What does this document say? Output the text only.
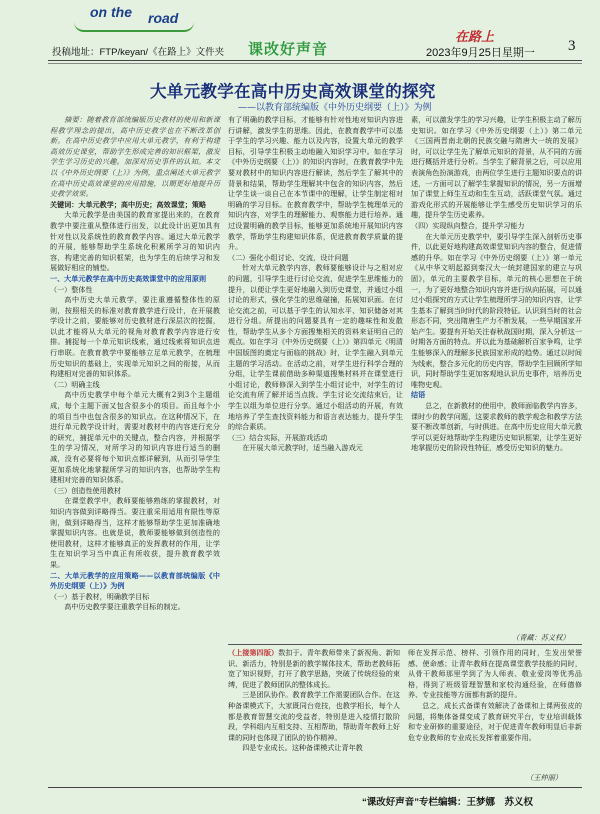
on the road
投稿地址：FTP/keyan/《在路上》文件夹 课改好声音
在路上
2023年9月25日星期一 3
大单元教学在高中历史高效课堂的探究
——以教育部统编版《中外历史纲要（上）》为例

摘要：随着教育部统编版历史教材的使用和新课程教学理念的提出，高中历史教学也在不断改革创新。在高中历史教学中应用大单元教学，有利于构建高效历史课堂，帮助学生形成完善的知识框架，激发学生学习历史的兴趣。加深对历史事件的认知。本文以《中外历史纲要（上）》为例，重点阐述大单元教学在高中历史高效课堂的应用措施，以期更好地提升历史教学效果。

关键词：大单元教学；高中历史；高效课堂；策略

大单元教学是由美国的教育家提出来的，在教育教学中要注重从整体进行出发，以此设计出更加具有针对性以及系统性的教育教学内容。通过大单元教学的开展，能够帮助学生系统化积累所学习的知识内容，构建完善的知识框架，也为学生的后续学习和发展做好相应的铺垫。

一、大单元教学在高中历史高效课堂中的应用原则

（一）整体性

高中历史大单元教学，要注重遵循整体性的原则，按照相关的标准对教育教学进行设计，在开展教学设计之前，要能够对历史教材进行深层次的挖掘，以此才能将从大单元的视角对教育教学内容进行安排。捕捉每一个单元知识线索，通过线索将知识点进行串联。在教育教学中要能够立足单元教学，在梳理历史知识的基础上，实现单元知识之间的衔接，从而构建相对完善的知识体系。

（二）明确主线

高中历史教学中每个单元大概有2到3个主题组成，每个主题下面又包含很多小的项目。而且每个小的项目当中也包含很多的知识点。在这种情况下，在进行单元教学设计时，需要对教材中的内容进行充分的研究，捕捉单元中的关键点，整合内容，并根据学生的学习情况，对所学习的知识内容进行适当的删减，没有必要将每个知识点都详解到，从而引导学生更加系统化地掌握所学习的知识内容，也帮助学生构建相对完善的知识体系。

（三）创造性使用教材

在课堂教学中，教师要能够熟练的掌握教材，对知识内容做到详略得当。要注重采用适用有限性等原则，做到详略得当，这样才能够帮助学生更加准确地掌握知识内容。也就是说，教师要能够做到创造性的使用教材，这样才能够真正的发挥教材的作用，让学生在知识学习当中真正有所收获，提升教育教学效果。

二、大单元教学的应用策略——以教育部统编版《中外历史纲要（上）》为例

（一）基于教材，明确教学目标

高中历史教学要注重教学目标的制定。

有了明确的教学目标，才能够有针对性地对知识内容进行讲解，激发学生的思维。因此，在教育教学中可以基于学生的学习兴趣、能力以及内容，设置大单元的教学目标，引导学生积极主动地融入知识学习中。如在学习《中外历史纲要（上）》的知识内容时，在教育教学中先要对教材中的知识内容进行解读，然后学生了解其中的背景和结果，帮助学生理解其中包含的知识内容，然后让学生谈一谈自己在本节课中的理解，让学生制定相对明确的学习目标。在教育教学中，帮助学生梳理单元的知识内容，对学生的理解能力、观察能力进行培养。通过设置明确的教学目标，能够更加系统地开展知识内容教学，帮助学生构建知识体系，促进教育教学质量的提升。

（二）强化小组讨论、交流，设计问题

针对大单元教学内容，教师要能够设计与之相对应的问题，引导学生进行讨论交流，促进学生思维能力的提升，以便让学生更好地融入到历史课堂，并通过小组讨论的形式，强化学生的思维碰撞，拓展知识面。在讨论交流之前，可以基于学生的认知水平、知识储备对其进行分组。所提出的问题要具有一定的趣味性和发散性，帮助学生从多个方面搜集相关的资料来证明自己的观点。如在学习《中外历史纲要（上）》第四单元《明清中国版图的奠定与面临的挑战》时，让学生融入到单元主题的学习活动。在活动之前，对学生进行科学合理的分组，让学生课前借助多种渠道搜集材料并在课堂进行小组讨论，教师修深入到学生小组讨论中，对学生的讨论交流有所了解并适当点拨。学生讨论交流结束后，让学生以组为单位进行分享。通过小组活动的开展，有效地培养了学生查找资料能力和语言表达能力，提升学生的综合素质。

（三）结合实际，开展游戏活动

在开展大单元教学时，适当融入游戏元

素，可以激发学生的学习兴趣，让学生积极主动了解历史知识。如在学习《中外历史纲要（上）》第二单元《三国两晋南北朝的民族交融与隋唐大一统的发展》时，可以让学生先了解单元知识的背景，从不同的方面进行概括并进行分析。当学生了解背景之后，可以应用表演角色扮演游戏，由两位学生进行主题知识要点的讲述，一方面可以了解学生掌握知识的情况，另一方面增加了课堂上师生互动和生生互动，活跃课堂气氛。通过游戏化形式的开展能够让学生感受历史知识学习的乐趣，提升学生历史素养。

（四）实现纵向整合，提升学习能力

在大单元历史教学中，要引导学生深入剖析历史事件，以此更好地构建高效课堂知识内容的整合，促进情感的升华。如在学习《中外历史纲要（上）》第一单元《从中华文明起源到秦汉大一统封建国家的建立与巩固》，单元的主要教学目标，单元的核心思想在于统一，为了更好地整合知识内容并进行纵向拓展，可以通过小组探究的方式让学生梳理所学习的知识内容，让学生基本了解到当时时代的阶段特征。认识到当时的社会形态不同，突出隋唐生产力不断发展，一些早期国家开始产生。要提有开始关注春秋战国时期，深入分析这一时期各方面的特点。并以此为基础解析百家争鸣，让学生能够深入的理解多民族国家形成的趋势。通过以时间为线索，整合多元化的历史内容，帮助学生回顾所学知识，同时帮助学生更加客观地认识历史事件，培养历史唯物史观。

结语

总之，在新教材的使用中，教师面临教学内容多，课时少的教学问题，这要求教师的教学观念和教学方法要不断改革创新，与时俱进。在高中历史应用大单元教学可以更好地帮助学生构建历史知识框架，让学生更好地掌握历史的阶段性特征，感受历史知识的魅力。

（青藏：苏义权）

（上接第四版）数扣于。青年教师带来了新视角、新知识、新活力，特别是新的教学媒体技术，帮助老教师拓宽了知识视野，打开了教学思路，突破了传统经验的束缚，促进了教师团队的整体成长。

三是团队协作。教育教学工作需要团队合作。在这种备课模式下，大家既同台竞技，也教学相长，每个人都是教育智慧交流的受益者，特别是进入疫情打散阶段，学科组内互相支持、互相帮助，帮助青年教师上好课的同时也体现了团队的协作精神。

四是专业成长。这种备课模式让青年教

师在发挥示范、榜样、引领作用的同时，生发出荣誉感、使命感；让青年教师在提高课堂教学技能的同时，从骨干教师那里学到了为人师表、敬业爱岗等优秀品格，得到了班级管理智慧和家校沟通经验，在师德修养、专业技能等方面都有新的提升。

总之，成长式备课有效解决了备课和上课两张皮的问题，将集体备课变成了教育研究平台，专业培训载体和专业研修的重要途径，对于促进青年教师明显后非新危专业教师的专业成长发挥着重要作用。

（王仲丽）
“课改好声音”专栏编辑：王梦娜　苏义权
